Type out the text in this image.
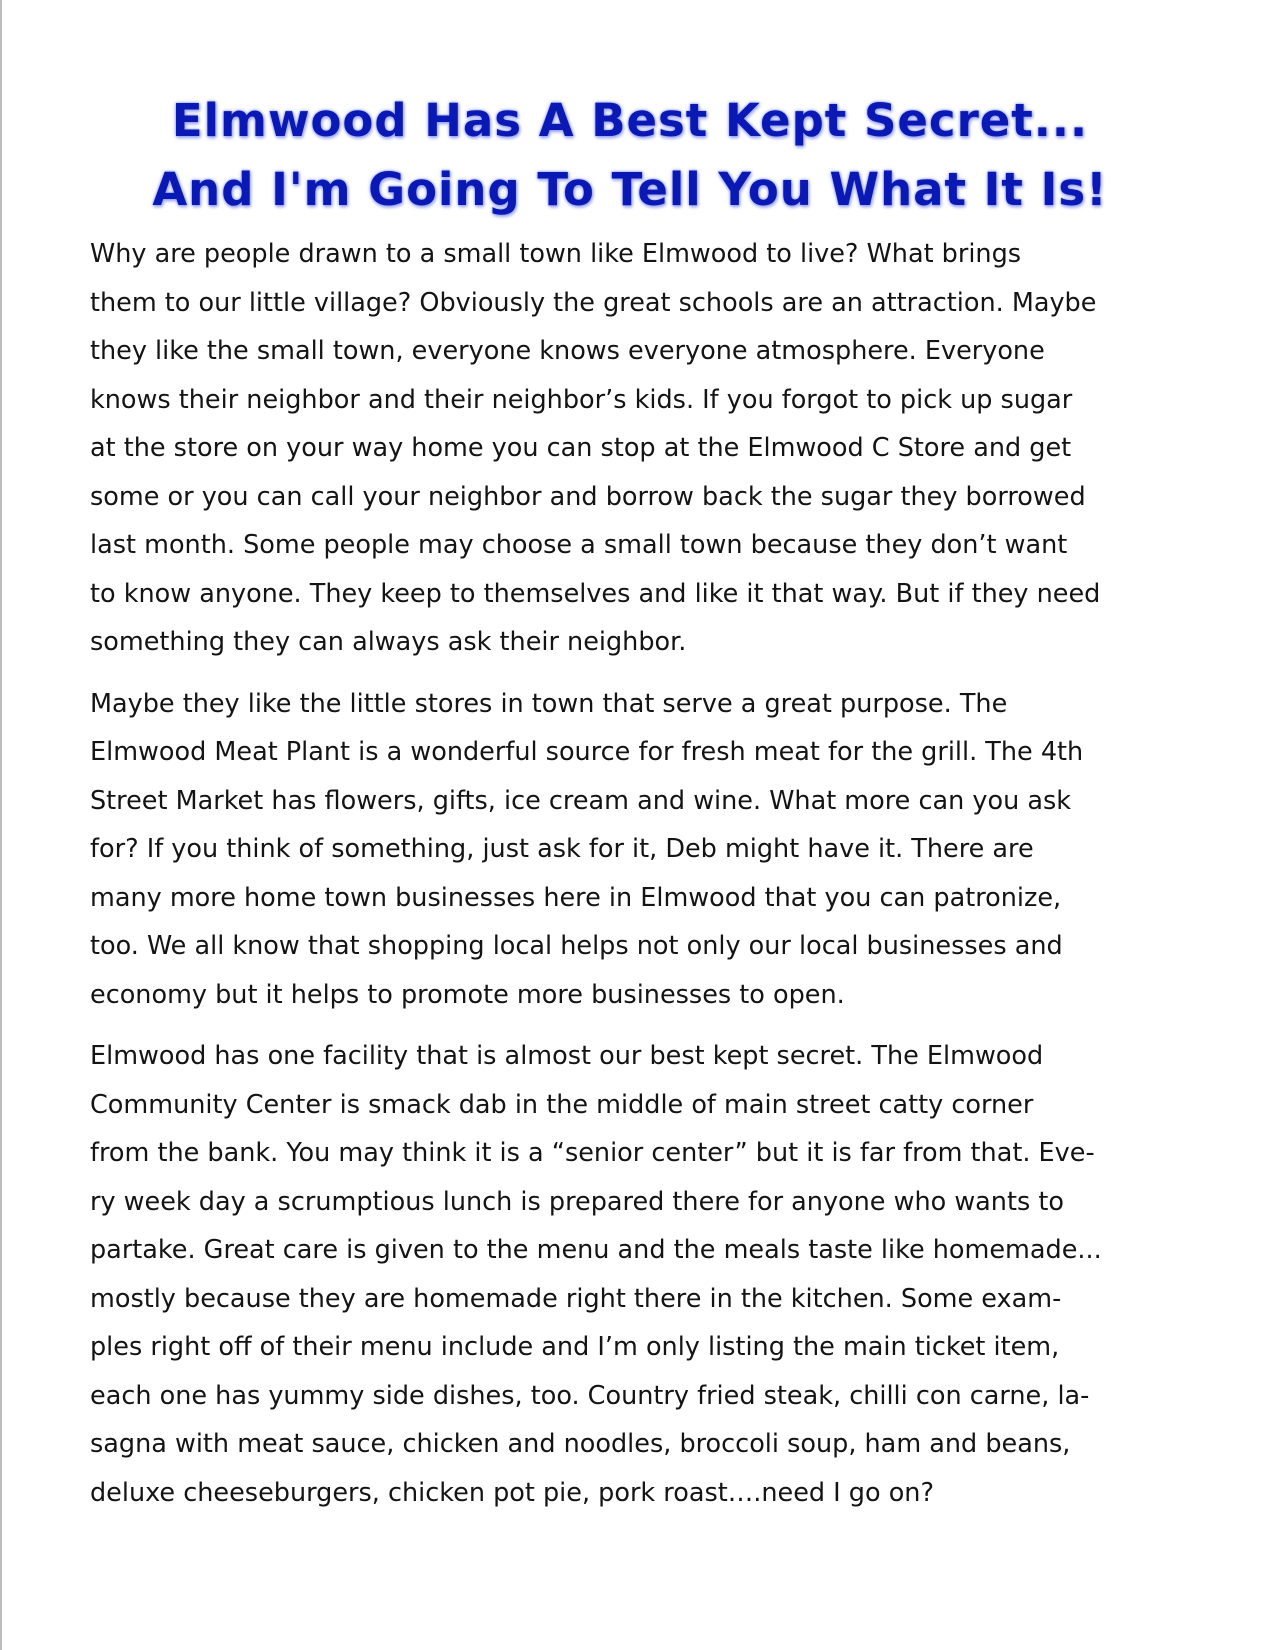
Elmwood Has A Best Kept Secret...
And I'm Going To Tell You What It Is!

Why are people drawn to a small town like Elmwood to live? What brings
them to our little village? Obviously the great schools are an attraction. Maybe
they like the small town, everyone knows everyone atmosphere. Everyone
knows their neighbor and their neighbor’s kids. If you forgot to pick up sugar
at the store on your way home you can stop at the Elmwood C Store and get
some or you can call your neighbor and borrow back the sugar they borrowed
last month. Some people may choose a small town because they don’t want
to know anyone. They keep to themselves and like it that way. But if they need
something they can always ask their neighbor.

Maybe they like the little stores in town that serve a great purpose. The
Elmwood Meat Plant is a wonderful source for fresh meat for the grill. The 4th
Street Market has flowers, gifts, ice cream and wine. What more can you ask
for? If you think of something, just ask for it, Deb might have it. There are
many more home town businesses here in Elmwood that you can patronize,
too. We all know that shopping local helps not only our local businesses and
economy but it helps to promote more businesses to open.

Elmwood has one facility that is almost our best kept secret. The Elmwood
Community Center is smack dab in the middle of main street catty corner
from the bank. You may think it is a “senior center” but it is far from that. Eve-
ry week day a scrumptious lunch is prepared there for anyone who wants to
partake. Great care is given to the menu and the meals taste like homemade...
mostly because they are homemade right there in the kitchen. Some exam-
ples right off of their menu include and I’m only listing the main ticket item,
each one has yummy side dishes, too. Country fried steak, chilli con carne, la-
sagna with meat sauce, chicken and noodles, broccoli soup, ham and beans,
deluxe cheeseburgers, chicken pot pie, pork roast….need I go on?
